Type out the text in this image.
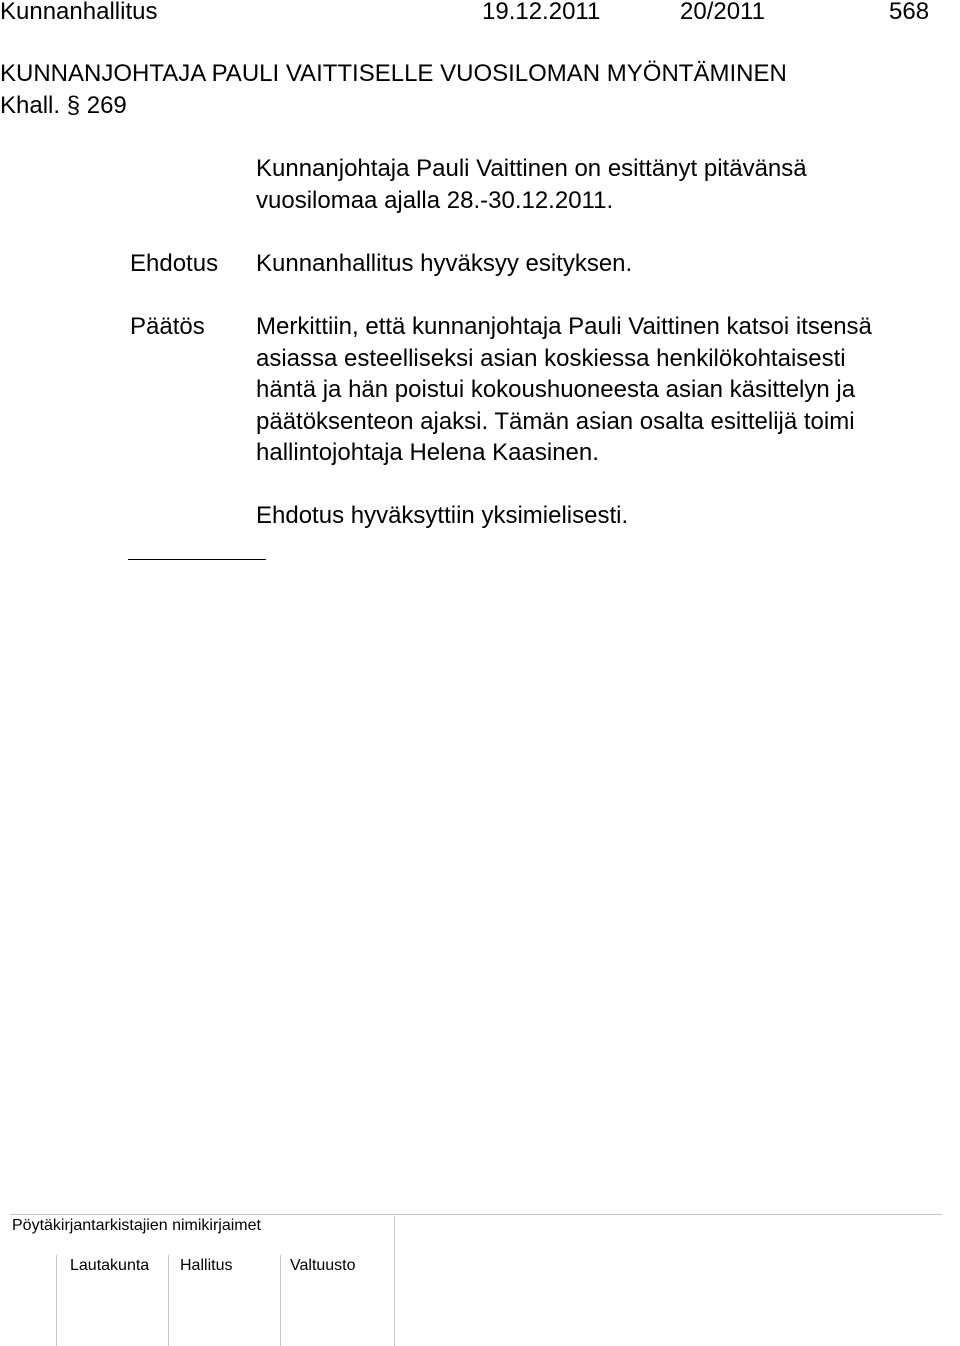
Kunnanhallitus	19.12.2011	20/2011	568
KUNNANJOHTAJA PAULI VAITTISELLE VUOSILOMAN MYÖNTÄMINEN
Khall. § 269
Kunnanjohtaja Pauli Vaittinen on esittänyt pitävänsä
vuosilomaa ajalla 28.-30.12.2011.
Ehdotus Kunnanhallitus hyväksyy esityksen.
Päätös Merkittiin, että kunnanjohtaja Pauli Vaittinen katsoi itsensä
asiassa esteelliseksi asian koskiessa henkilökohtaisesti
häntä ja hän poistui kokoushuoneesta asian käsittelyn ja
päätöksenteon ajaksi. Tämän asian osalta esittelijä toimi
hallintojohtaja Helena Kaasinen.
Ehdotus hyväksyttiin yksimielisesti.
Pöytäkirjantarkistajien nimikirjaimet
Lautakunta Hallitus	Valtuusto
